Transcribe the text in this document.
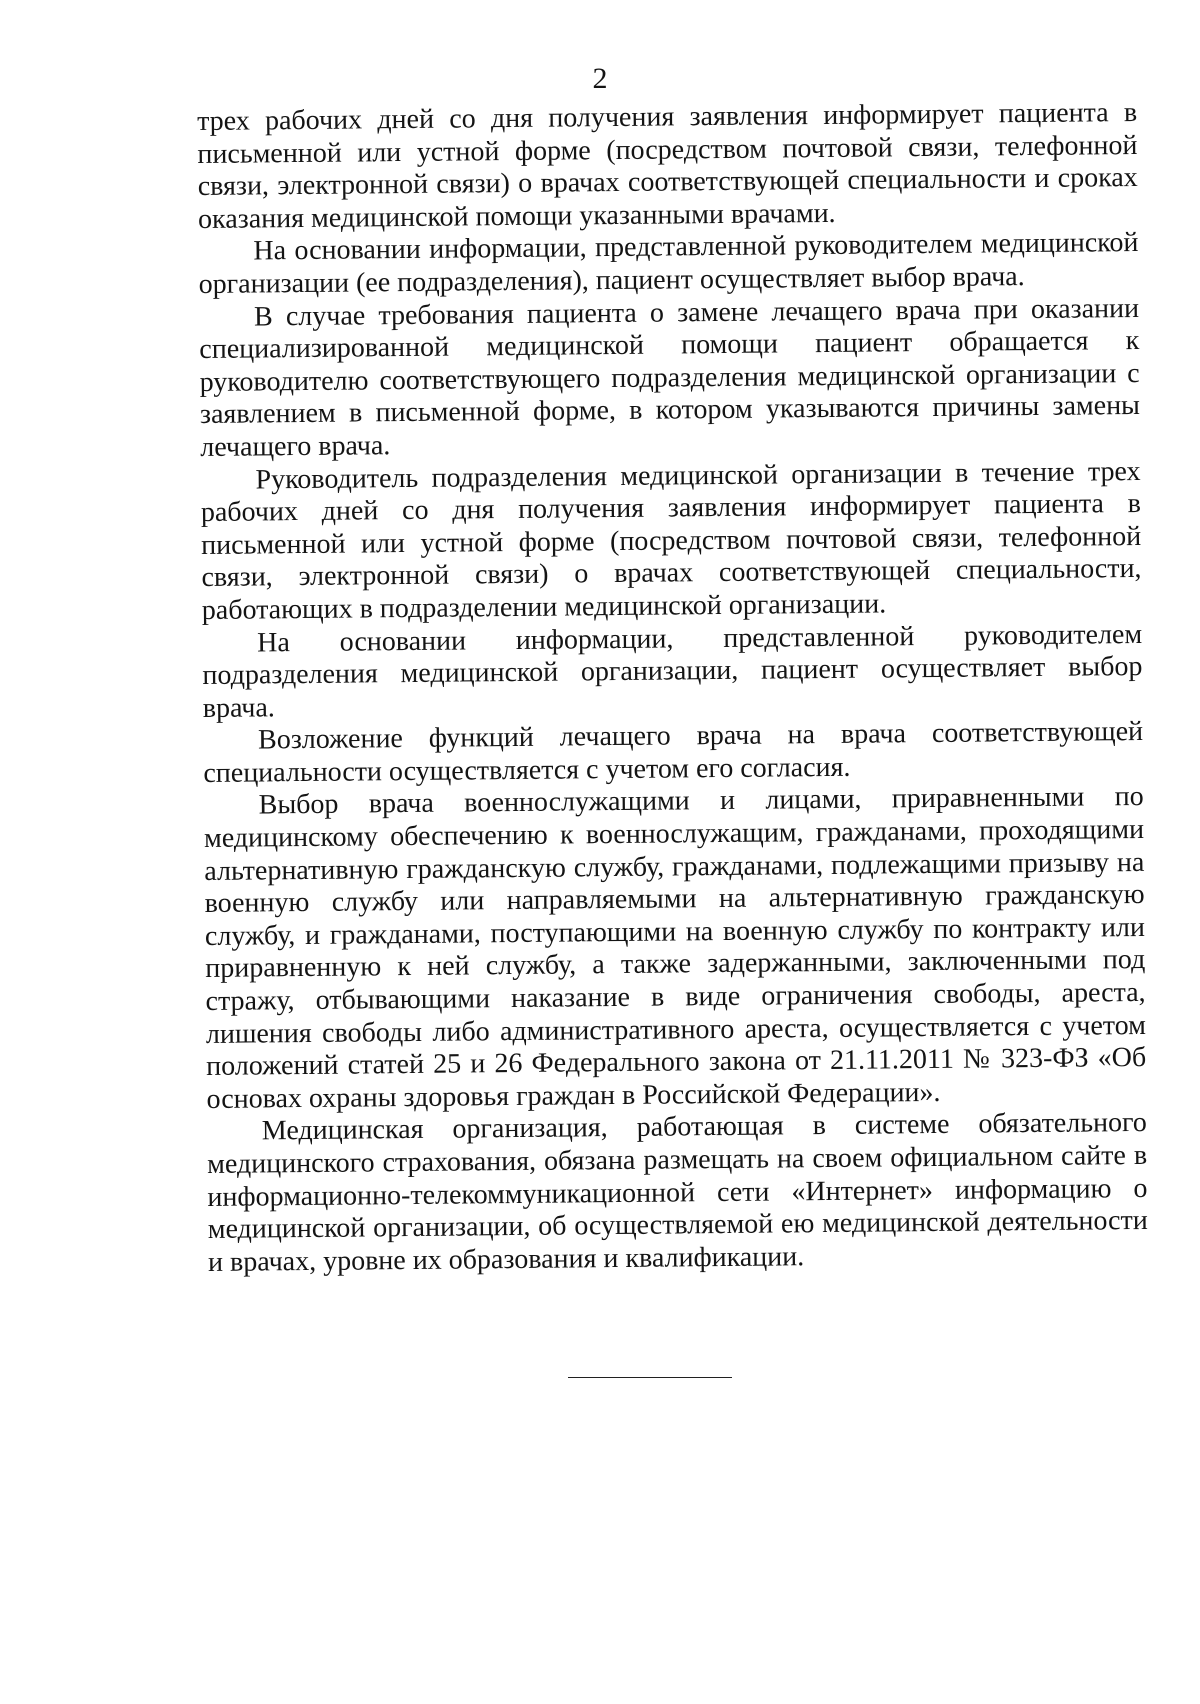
2

трех рабочих дней со дня получения заявления информирует пациента в письменной или устной форме (посредством почтовой связи, телефонной связи, электронной связи) о врачах соответствующей специальности и сроках оказания медицинской помощи указанными врачами.

На основании информации, представленной руководителем медицинской организации (ее подразделения), пациент осуществляет выбор врача.

В случае требования пациента о замене лечащего врача при оказании специализированной медицинской помощи пациент обращается к руководителю соответствующего подразделения медицинской организации с заявлением в письменной форме, в котором указываются причины замены лечащего врача.

Руководитель подразделения медицинской организации в течение трех рабочих дней со дня получения заявления информирует пациента в письменной или устной форме (посредством почтовой связи, телефонной связи, электронной связи) о врачах соответствующей специальности, работающих в подразделении медицинской организации.

На основании информации, представленной руководителем подразделения медицинской организации, пациент осуществляет выбор врача.

Возложение функций лечащего врача на врача соответствующей специальности осуществляется с учетом его согласия.

Выбор врача военнослужащими и лицами, приравненными по медицинскому обеспечению к военнослужащим, гражданами, проходящими альтернативную гражданскую службу, гражданами, подлежащими призыву на военную службу или направляемыми на альтернативную гражданскую службу, и гражданами, поступающими на военную службу по контракту или приравненную к ней службу, а также задержанными, заключенными под стражу, отбывающими наказание в виде ограничения свободы, ареста, лишения свободы либо административного ареста, осуществляется с учетом положений статей 25 и 26 Федерального закона от 21.11.2011 № 323-ФЗ «Об основах охраны здоровья граждан в Российской Федерации».

Медицинская организация, работающая в системе обязательного медицинского страхования, обязана размещать на своем официальном сайте в информационно-телекоммуникационной сети «Интернет» информацию о медицинской организации, об осуществляемой ею медицинской деятельности и врачах, уровне их образования и квалификации.
